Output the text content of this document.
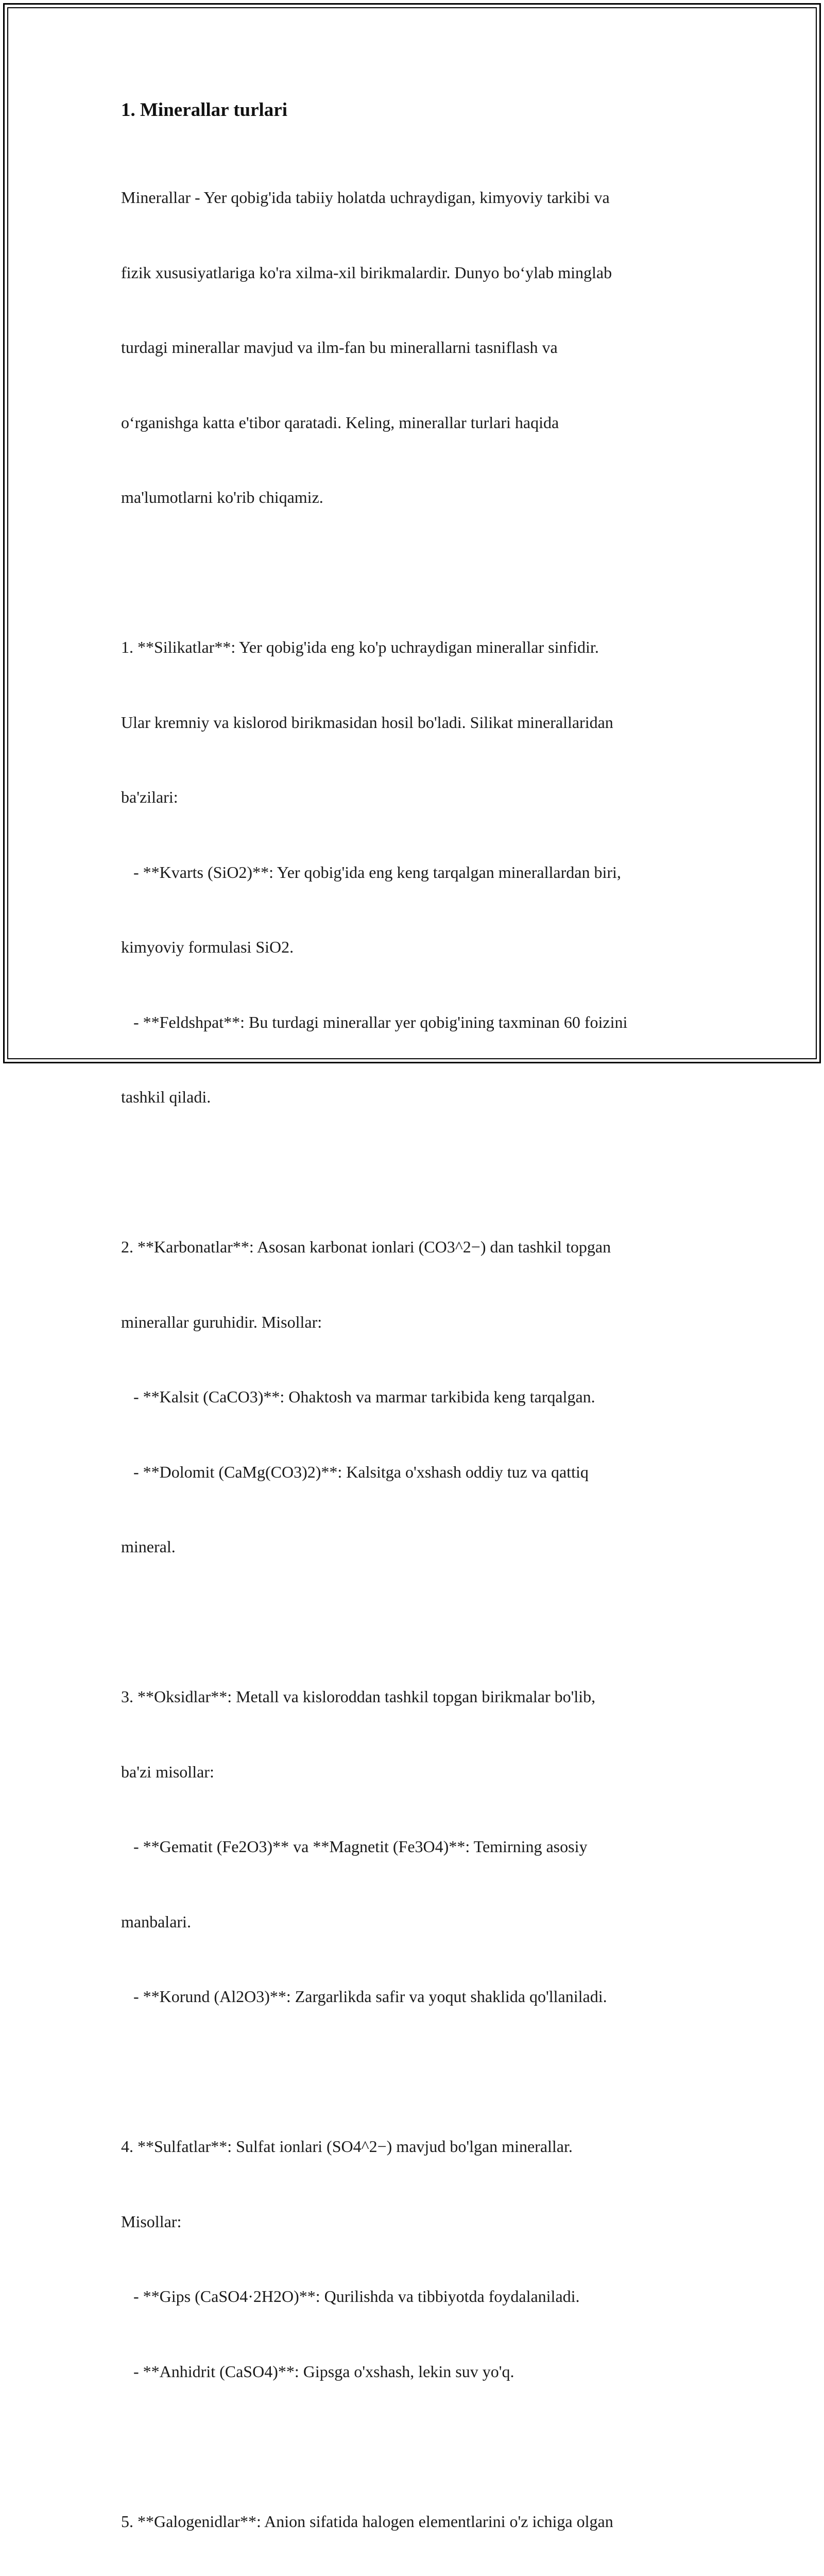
1. Minerallar turlari

Minerallar - Yer qobig'ida tabiiy holatda uchraydigan, kimyoviy tarkibi va

fizik xususiyatlariga ko'ra xilma-xil birikmalardir. Dunyo bo‘ylab minglab

turdagi minerallar mavjud va ilm-fan bu minerallarni tasniflash va

o‘rganishga katta e'tibor qaratadi. Keling, minerallar turlari haqida

ma'lumotlarni ko'rib chiqamiz.

1. **Silikatlar**: Yer qobig'ida eng ko'p uchraydigan minerallar sinfidir.

Ular kremniy va kislorod birikmasidan hosil bo'ladi. Silikat minerallaridan

ba'zilari:

- **Kvarts (SiO2)**: Yer qobig'ida eng keng tarqalgan minerallardan biri,

kimyoviy formulasi SiO2.

- **Feldshpat**: Bu turdagi minerallar yer qobig'ining taxminan 60 foizini

tashkil qiladi.

2. **Karbonatlar**: Asosan karbonat ionlari (CO3^2−) dan tashkil topgan

minerallar guruhidir. Misollar:

- **Kalsit (CaCO3)**: Ohaktosh va marmar tarkibida keng tarqalgan.

- **Dolomit (CaMg(CO3)2)**: Kalsitga o'xshash oddiy tuz va qattiq

mineral.

3. **Oksidlar**: Metall va kisloroddan tashkil topgan birikmalar bo'lib,

ba'zi misollar:

- **Gematit (Fe2O3)** va **Magnetit (Fe3O4)**: Temirning asosiy

manbalari.

- **Korund (Al2O3)**: Zargarlikda safir va yoqut shaklida qo'llaniladi.

4. **Sulfatlar**: Sulfat ionlari (SO4^2−) mavjud bo'lgan minerallar.

Misollar:

- **Gips (CaSO4·2H2O)**: Qurilishda va tibbiyotda foydalaniladi.

- **Anhidrit (CaSO4)**: Gipsga o'xshash, lekin suv yo'q.

5. **Galogenidlar**: Anion sifatida halogen elementlarini o'z ichiga olgan
